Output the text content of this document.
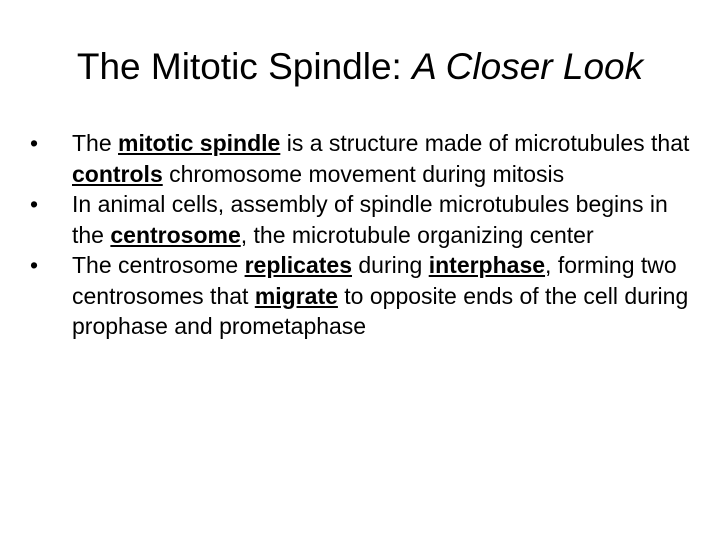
The Mitotic Spindle: A Closer Look
•	The mitotic spindle is a structure made of microtubules that controls chromosome movement during mitosis
•	In animal cells, assembly of spindle microtubules begins in the centrosome, the microtubule organizing center
•	The centrosome replicates during interphase, forming two centrosomes that migrate to opposite ends of the cell during prophase and prometaphase
